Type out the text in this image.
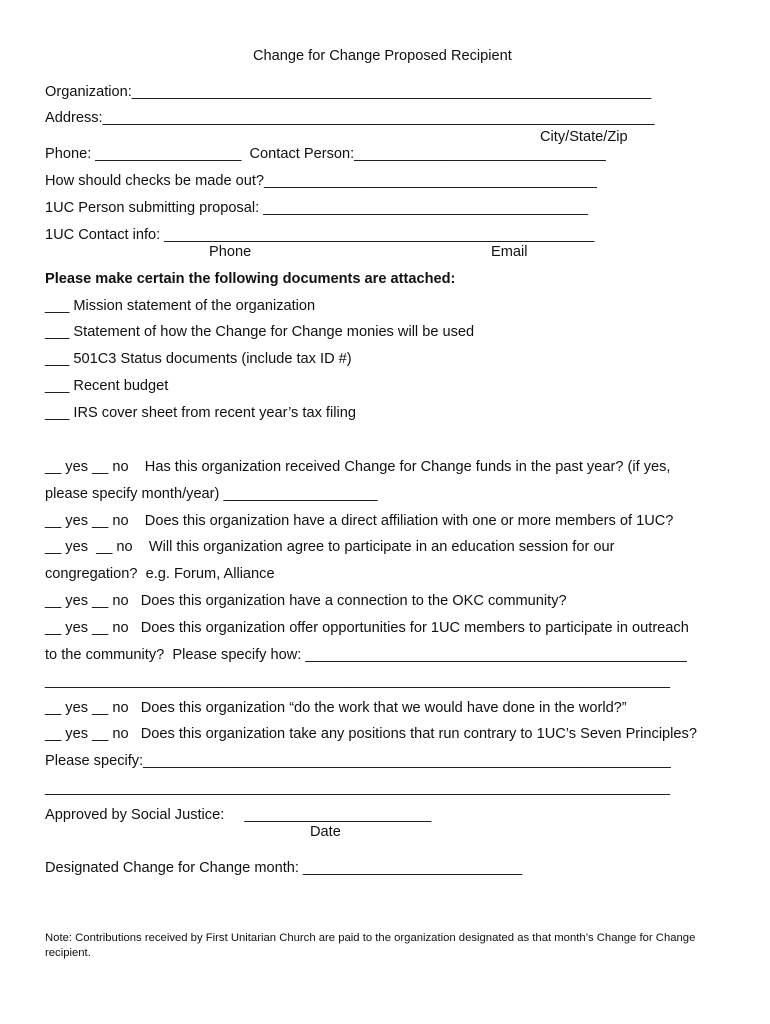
Change for Change Proposed Recipient
Organization:________________________________________________________________
Address:____________________________________________________________________
City/State/Zip
Phone: __________________  Contact Person:_______________________________
How should checks be made out?_________________________________________
1UC Person submitting proposal: ________________________________________
1UC Contact info: _____________________________________________________
Phone	Email
Please make certain the following documents are attached:
___ Mission statement of the organization
___ Statement of how the Change for Change monies will be used
___ 501C3 Status documents (include tax ID #)
___ Recent budget
___ IRS cover sheet from recent year’s tax filing
__ yes __ no    Has this organization received Change for Change funds in the past year? (if yes,
please specify month/year) ___________________
__ yes __ no    Does this organization have a direct affiliation with one or more members of 1UC?
__ yes  __ no    Will this organization agree to participate in an education session for our
congregation?  e.g. Forum, Alliance
__ yes __ no   Does this organization have a connection to the OKC community?
__ yes __ no   Does this organization offer opportunities for 1UC members to participate in outreach
to the community?  Please specify how: _______________________________________________
_____________________________________________________________________________
__ yes __ no   Does this organization “do the work that we would have done in the world?”
__ yes __ no   Does this organization take any positions that run contrary to 1UC’s Seven Principles?
Please specify:_________________________________________________________________
_____________________________________________________________________________
Approved by Social Justice:     _______________________
Date
Designated Change for Change month: ___________________________
Note: Contributions received by First Unitarian Church are paid to the organization designated as that month’s Change for Change recipient.
